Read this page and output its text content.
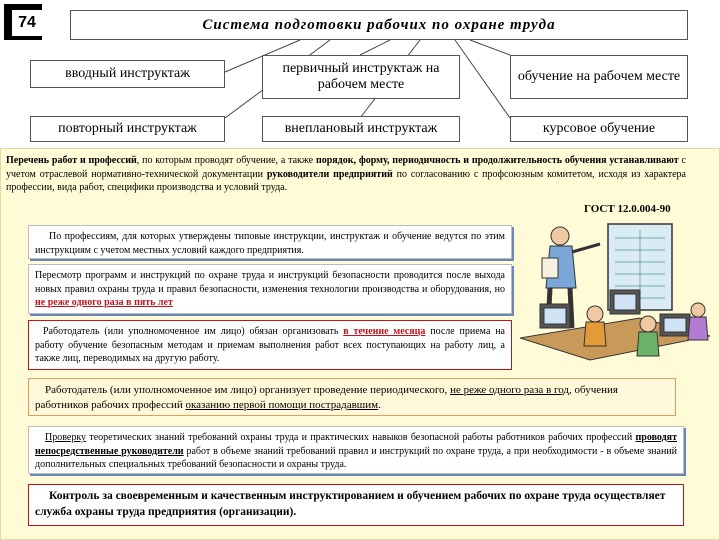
74	Система подготовки рабочих по охране труда
вводный инструктаж	первичный инструктаж на рабочем месте
обучение на рабочем месте
повторный инструктаж	внеплановый инструктаж	курсовое обучение
Перечень работ и профессий, по которым проводят обучение, а также порядок, форму, периодичность и продолжительность обучения устанавливают с учетом отраслевой нормативно-технической документации руководители предприятий по согласованию с профсоюзным комитетом, исходя из характера профессии, вида работ, специфики производства и условий труда.
ГОСТ 12.0.004-90
По профессиям, для которых утверждены типовые инструкции, инструктаж и обучение ведутся по этим инструкциям с учетом местных условий каждого предприятия.
Пересмотр программ и инструкций по охране труда и инструкций безопасности проводится после выхода новых правил охраны труда и правил безопасности, изменения технологии производства и оборудования, но не реже одного раза в пять лет
Работодатель (или уполномоченное им лицо) обязан организовать в течение месяца после приема на работу обучение безопасным методам и приемам выполнения работ всех поступающих на работу лиц, а также лиц, переводимых на другую работу.
Работодатель (или уполномоченное им лицо) организует проведение периодического, не реже одного раза в год, обучения работников рабочих профессий оказанию первой помощи пострадавшим.
Проверку теоретических знаний требований охраны труда и практических навыков безопасной работы работников рабочих профессий проводят непосредственные руководители работ в объеме знаний требований правил и инструкций по охране труда, а при необходимости - в объеме знаний дополнительных специальных требований безопасности и охраны труда.
Контроль за своевременным и качественным инструктированием и обучением рабочих по охране труда осуществляет служба охраны труда предприятия (организации).
